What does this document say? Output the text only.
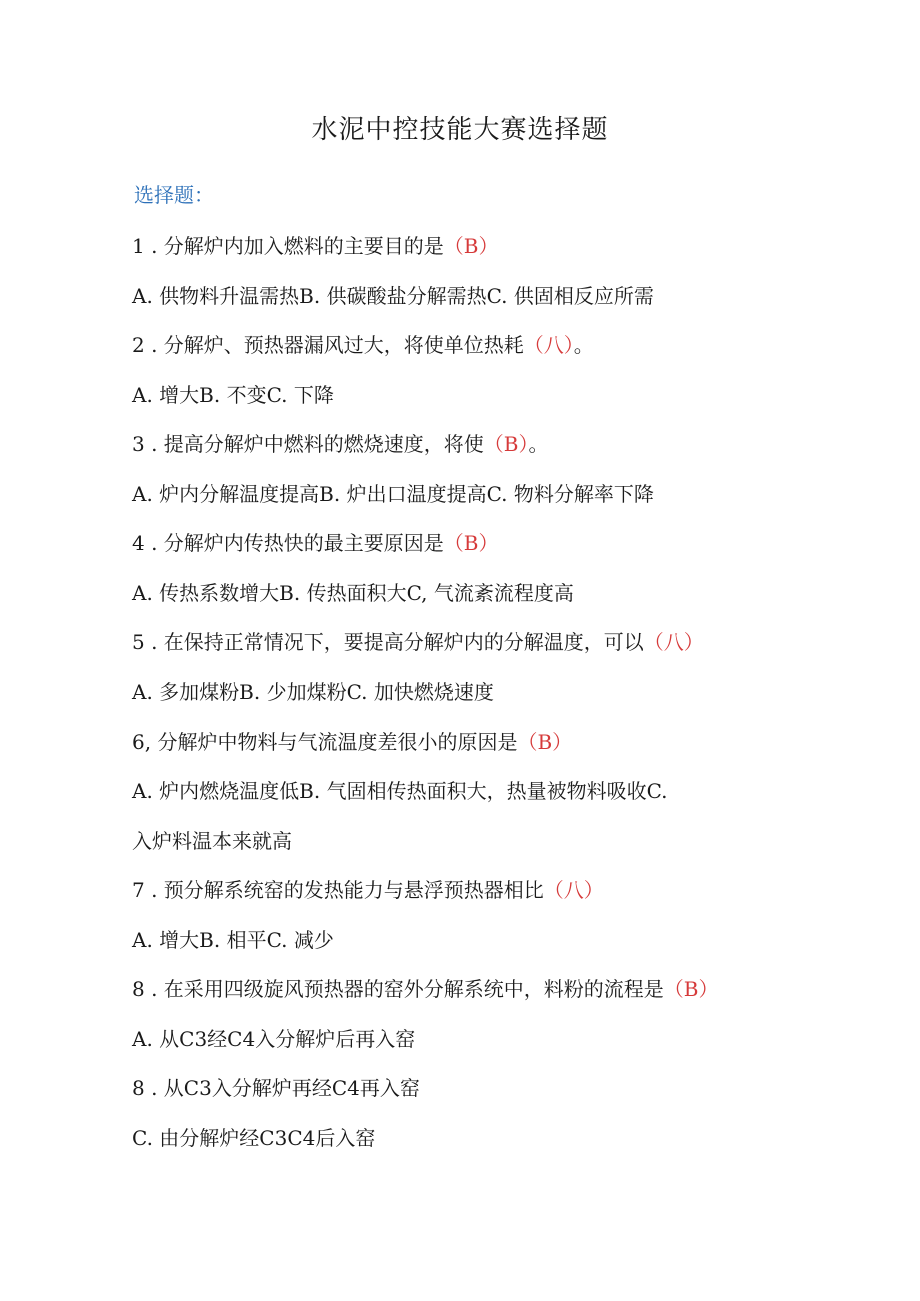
水泥中控技能大赛选择题
选择题：
1 . 分解炉内加入燃料的主要目的是（B）
A. 供物料升温需热B. 供碳酸盐分解需热C. 供固相反应所需
2 . 分解炉、预热器漏风过大，将使单位热耗（八）。
A. 增大B. 不变C. 下降
3 . 提高分解炉中燃料的燃烧速度，将使（B）。
A. 炉内分解温度提高B. 炉出口温度提高C. 物料分解率下降
4 . 分解炉内传热快的最主要原因是（B）
A. 传热系数增大B. 传热面积大C, 气流紊流程度高
5 . 在保持正常情况下，要提高分解炉内的分解温度，可以（八）
A. 多加煤粉B. 少加煤粉C. 加快燃烧速度
6, 分解炉中物料与气流温度差很小的原因是（B）
A. 炉内燃烧温度低B. 气固相传热面积大，热量被物料吸收C.
入炉料温本来就高
7 . 预分解系统窑的发热能力与悬浮预热器相比（八）
A. 增大B. 相平C. 减少
8 . 在采用四级旋风预热器的窑外分解系统中，料粉的流程是（B）
A. 从C3经C4入分解炉后再入窑
8 . 从C3入分解炉再经C4再入窑
C. 由分解炉经C3C4后入窑
